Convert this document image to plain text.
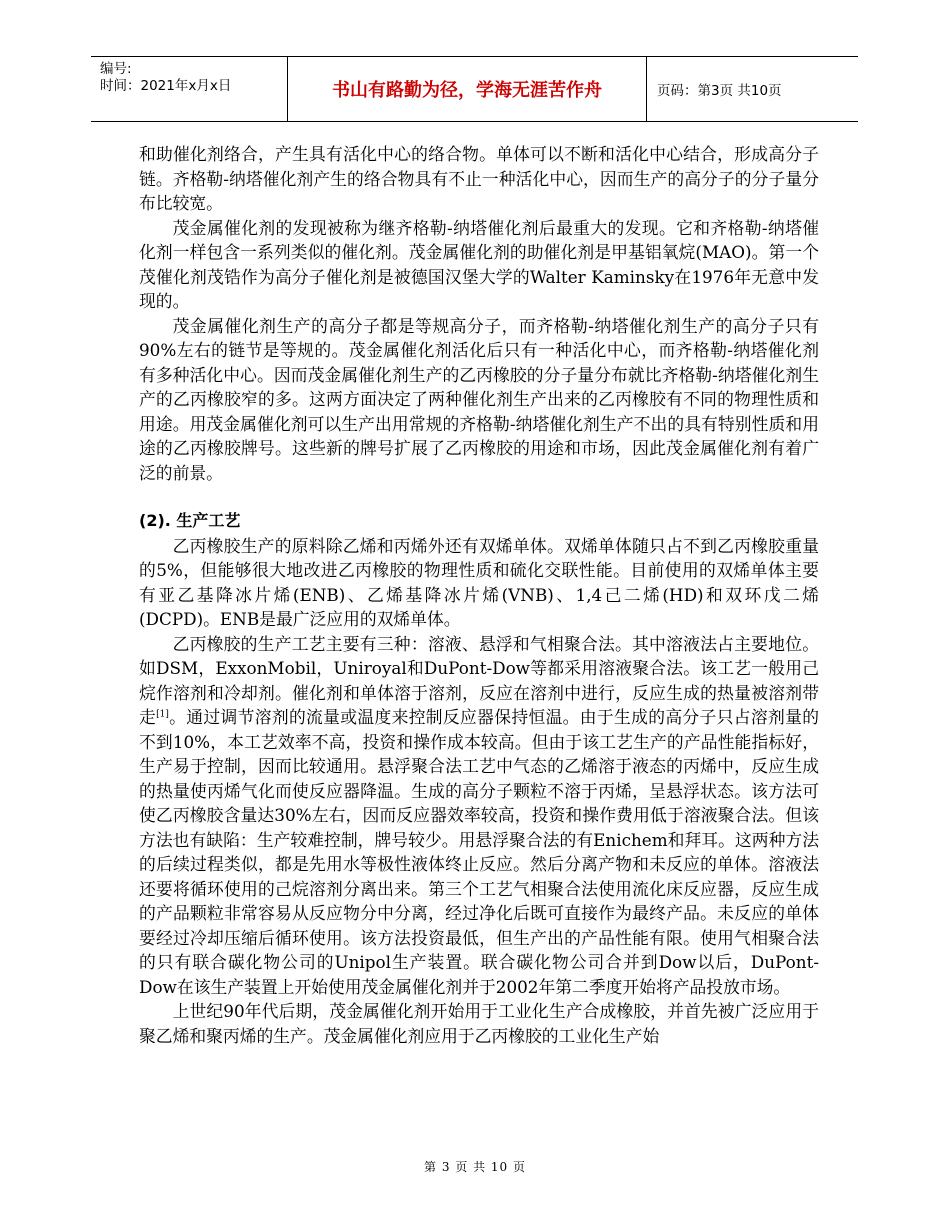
编号:
时间：2021年x月x日	书山有路勤为径，学海无涯苦作舟	页码：第3页 共10页

和助催化剂络合，产生具有活化中心的络合物。单体可以不断和活化中心结合，形成高分子链。齐格勒-纳塔催化剂产生的络合物具有不止一种活化中心，因而生产的高分子的分子量分布比较宽。

茂金属催化剂的发现被称为继齐格勒-纳塔催化剂后最重大的发现。它和齐格勒-纳塔催化剂一样包含一系列类似的催化剂。茂金属催化剂的助催化剂是甲基铝氧烷(MAO)。第一个茂催化剂茂锆作为高分子催化剂是被德国汉堡大学的Walter Kaminsky在1976年无意中发现的。

茂金属催化剂生产的高分子都是等规高分子，而齐格勒-纳塔催化剂生产的高分子只有90%左右的链节是等规的。茂金属催化剂活化后只有一种活化中心，而齐格勒-纳塔催化剂有多种活化中心。因而茂金属催化剂生产的乙丙橡胶的分子量分布就比齐格勒-纳塔催化剂生产的乙丙橡胶窄的多。这两方面决定了两种催化剂生产出来的乙丙橡胶有不同的物理性质和用途。用茂金属催化剂可以生产出用常规的齐格勒-纳塔催化剂生产不出的具有特别性质和用途的乙丙橡胶牌号。这些新的牌号扩展了乙丙橡胶的用途和市场，因此茂金属催化剂有着广泛的前景。

(2). 生产工艺

乙丙橡胶生产的原料除乙烯和丙烯外还有双烯单体。双烯单体随只占不到乙丙橡胶重量的5%，但能够很大地改进乙丙橡胶的物理性质和硫化交联性能。目前使用的双烯单体主要有亚乙基降冰片烯(ENB)、乙烯基降冰片烯(VNB)、1,4己二烯(HD)和双环戊二烯(DCPD)。ENB是最广泛应用的双烯单体。

乙丙橡胶的生产工艺主要有三种：溶液、悬浮和气相聚合法。其中溶液法占主要地位。如DSM，ExxonMobil，Uniroyal和DuPont-Dow等都采用溶液聚合法。该工艺一般用己烷作溶剂和冷却剂。催化剂和单体溶于溶剂，反应在溶剂中进行，反应生成的热量被溶剂带走[1]。通过调节溶剂的流量或温度来控制反应器保持恒温。由于生成的高分子只占溶剂量的不到10%，本工艺效率不高，投资和操作成本较高。但由于该工艺生产的产品性能指标好，生产易于控制，因而比较通用。悬浮聚合法工艺中气态的乙烯溶于液态的丙烯中，反应生成的热量使丙烯气化而使反应器降温。生成的高分子颗粒不溶于丙烯，呈悬浮状态。该方法可使乙丙橡胶含量达30%左右，因而反应器效率较高，投资和操作费用低于溶液聚合法。但该方法也有缺陷：生产较难控制，牌号较少。用悬浮聚合法的有Enichem和拜耳。这两种方法的后续过程类似，都是先用水等极性液体终止反应。然后分离产物和未反应的单体。溶液法还要将循环使用的己烷溶剂分离出来。第三个工艺气相聚合法使用流化床反应器，反应生成的产品颗粒非常容易从反应物分中分离，经过净化后既可直接作为最终产品。未反应的单体要经过冷却压缩后循环使用。该方法投资最低，但生产出的产品性能有限。使用气相聚合法的只有联合碳化物公司的Unipol生产装置。联合碳化物公司合并到Dow以后，DuPont-Dow在该生产装置上开始使用茂金属催化剂并于2002年第二季度开始将产品投放市场。

上世纪90年代后期，茂金属催化剂开始用于工业化生产合成橡胶，并首先被广泛应用于聚乙烯和聚丙烯的生产。茂金属催化剂应用于乙丙橡胶的工业化生产始

第 3 页 共 10 页
